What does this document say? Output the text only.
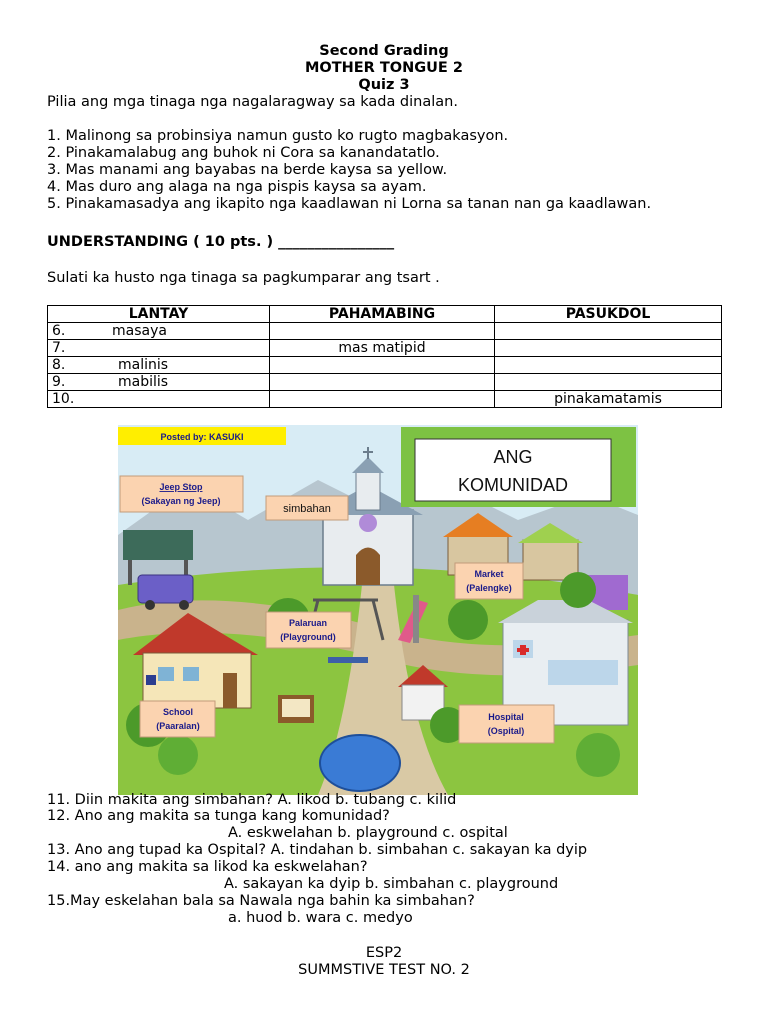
Second Grading
MOTHER TONGUE 2
Quiz 3
Pilia ang mga tinaga nga nagalaragway sa kada dinalan.
1. Malinong sa probinsiya namun gusto ko rugto magbakasyon.
2. Pinakamalabug ang buhok ni Cora sa kanandatatlo.
3. Mas manami ang bayabas na berde kaysa sa yellow.
4. Mas duro ang alaga na nga pispis kaysa sa ayam.
5. Pinakamasadya ang ikapito nga kaadlawan ni Lorna sa tanan nan ga kaadlawan.
UNDERSTANDING ( 10 pts. ) ________________
Sulati ka husto nga tinaga sa pagkumparar ang tsart .
LANTAY	PAHAMABING	PASUKDOL
6. masaya		
7.	mas matipid	
8. malinis		
9. mabilis		
10.		pinakamatamis
Posted by: KASUKI
ANG
KOMUNIDAD
Jeep Stop
(Sakayan ng Jeep)
simbahan
Market
(Palengke)
Palaruan
(Playground)
School
(Paaralan)
Hospital
(Ospital)
11. Diin makita ang simbahan? A. likod b. tubang c. kilid
12. Ano ang makita sa tunga kang komunidad?
A. eskwelahan b. playground c. ospital
13. Ano ang tupad ka Ospital? A. tindahan b. simbahan c. sakayan ka dyip
14. ano ang makita sa likod ka eskwelahan?
A. sakayan ka dyip b. simbahan c. playground
15.May eskelahan bala sa Nawala nga bahin ka simbahan?
a. huod b. wara c. medyo
ESP2
SUMMSTIVE TEST NO. 2
